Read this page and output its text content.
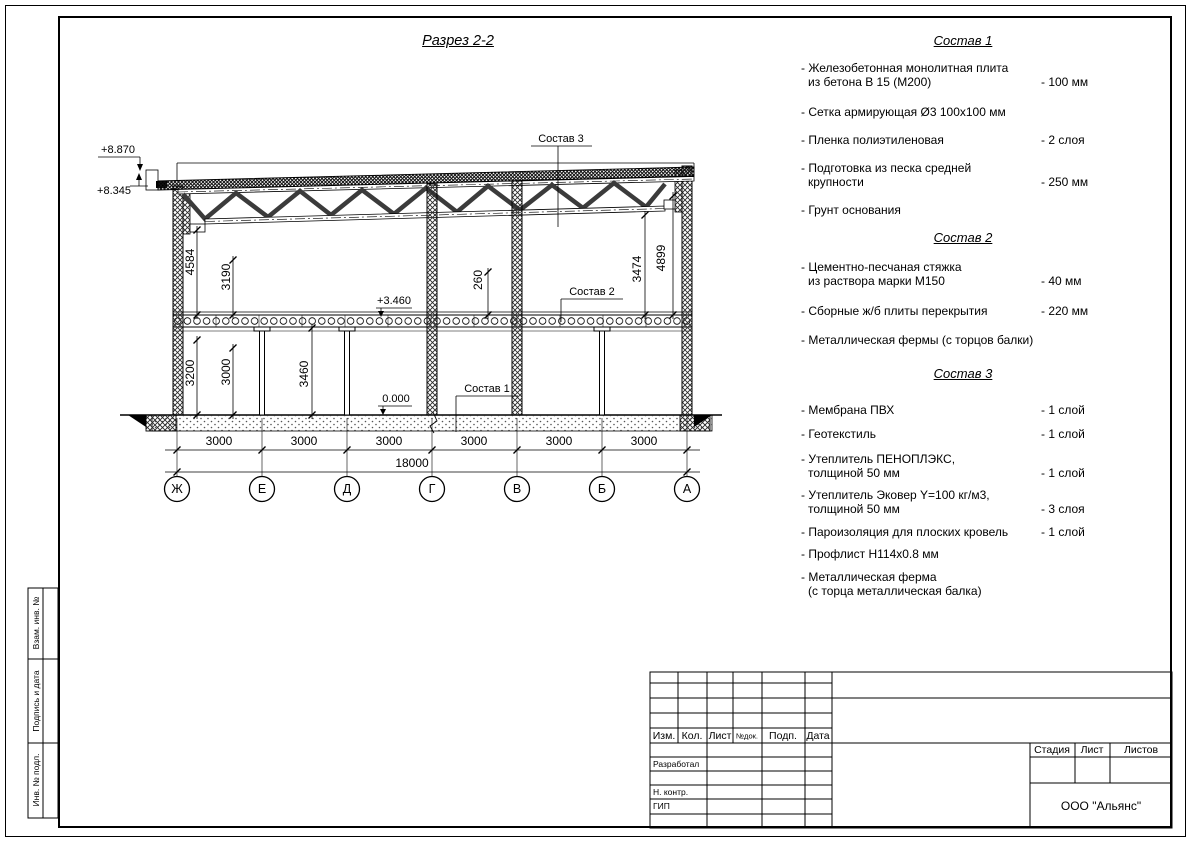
Разрез 2-2
+8.870
+8.345
+3.460
0.000
Состав 3
Состав 2
Состав 1
4584
3190	260	3474 4899
3200 3000	3460
3000	3000	3000	3000	3000	3000
18000
Ж	Е	Д	Г	В	Б	А
Состав 1
- Железобетонная монолитная плита
из бетона В 15 (М200)	- 100 мм
- Сетка армирующая Ø3 100х100 мм
- Пленка полиэтиленовая	- 2 слоя
- Подготовка из песка средней
крупности	- 250 мм
- Грунт основания
Состав 2
- Цементно-песчаная стяжка
из раствора марки М150	- 40 мм
- Сборные ж/б плиты перекрытия	- 220 мм
- Металлическая фермы (с торцов балки)
Состав 3
- Мембрана ПВХ	- 1 слой
- Геотекстиль	- 1 слой
- Утеплитель ПЕНОПЛЭКС,
толщиной 50 мм	- 1 слой
- Утеплитель Эковер Y=100 кг/м3,
толщиной 50 мм	- 3 слоя
- Пароизоляция для плоских кровель	- 1 слой
- Профлист Н114х0.8 мм
- Металлическая ферма
(с торца металлическая балка)
Взам. инв. №
Подпись и дата
Инв. № подл.
Изм. Кол. Лист №док. Подп. Дата
Разработал
Н. контр.
ГИП
Стадия Лист Листов
ООО "Альянс"
